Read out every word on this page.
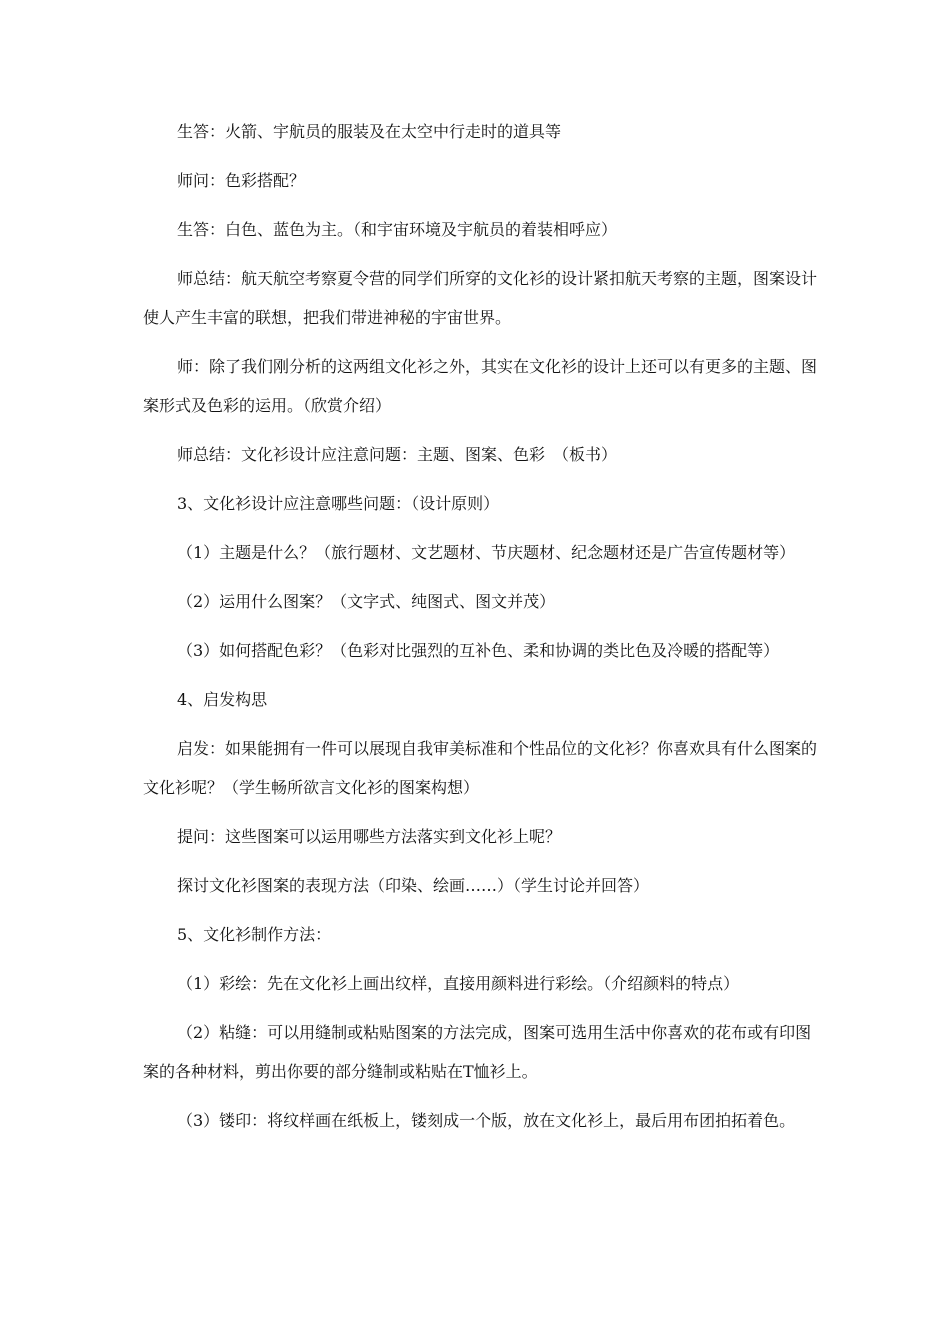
生答：火箭、宇航员的服装及在太空中行走时的道具等

师问：色彩搭配？

生答：白色、蓝色为主。（和宇宙环境及宇航员的着装相呼应）

师总结：航天航空考察夏令营的同学们所穿的文化衫的设计紧扣航天考察的主题，图案设计使人产生丰富的联想，把我们带进神秘的宇宙世界。

师：除了我们刚分析的这两组文化衫之外，其实在文化衫的设计上还可以有更多的主题、图案形式及色彩的运用。（欣赏介绍）

师总结：文化衫设计应注意问题：主题、图案、色彩　（板书）

3、文化衫设计应注意哪些问题：（设计原则）

（1）主题是什么？（旅行题材、文艺题材、节庆题材、纪念题材还是广告宣传题材等）

（2）运用什么图案？（文字式、纯图式、图文并茂）

（3）如何搭配色彩？（色彩对比强烈的互补色、柔和协调的类比色及冷暖的搭配等）

4、启发构思

启发：如果能拥有一件可以展现自我审美标准和个性品位的文化衫？你喜欢具有什么图案的文化衫呢？（学生畅所欲言文化衫的图案构想）

提问：这些图案可以运用哪些方法落实到文化衫上呢？

探讨文化衫图案的表现方法（印染、绘画……）（学生讨论并回答）

5、文化衫制作方法：

（1）彩绘：先在文化衫上画出纹样，直接用颜料进行彩绘。（介绍颜料的特点）

（2）粘缝：可以用缝制或粘贴图案的方法完成，图案可选用生活中你喜欢的花布或有印图案的各种材料，剪出你要的部分缝制或粘贴在T恤衫上。

（3）镂印：将纹样画在纸板上，镂刻成一个版，放在文化衫上，最后用布团拍拓着色。
